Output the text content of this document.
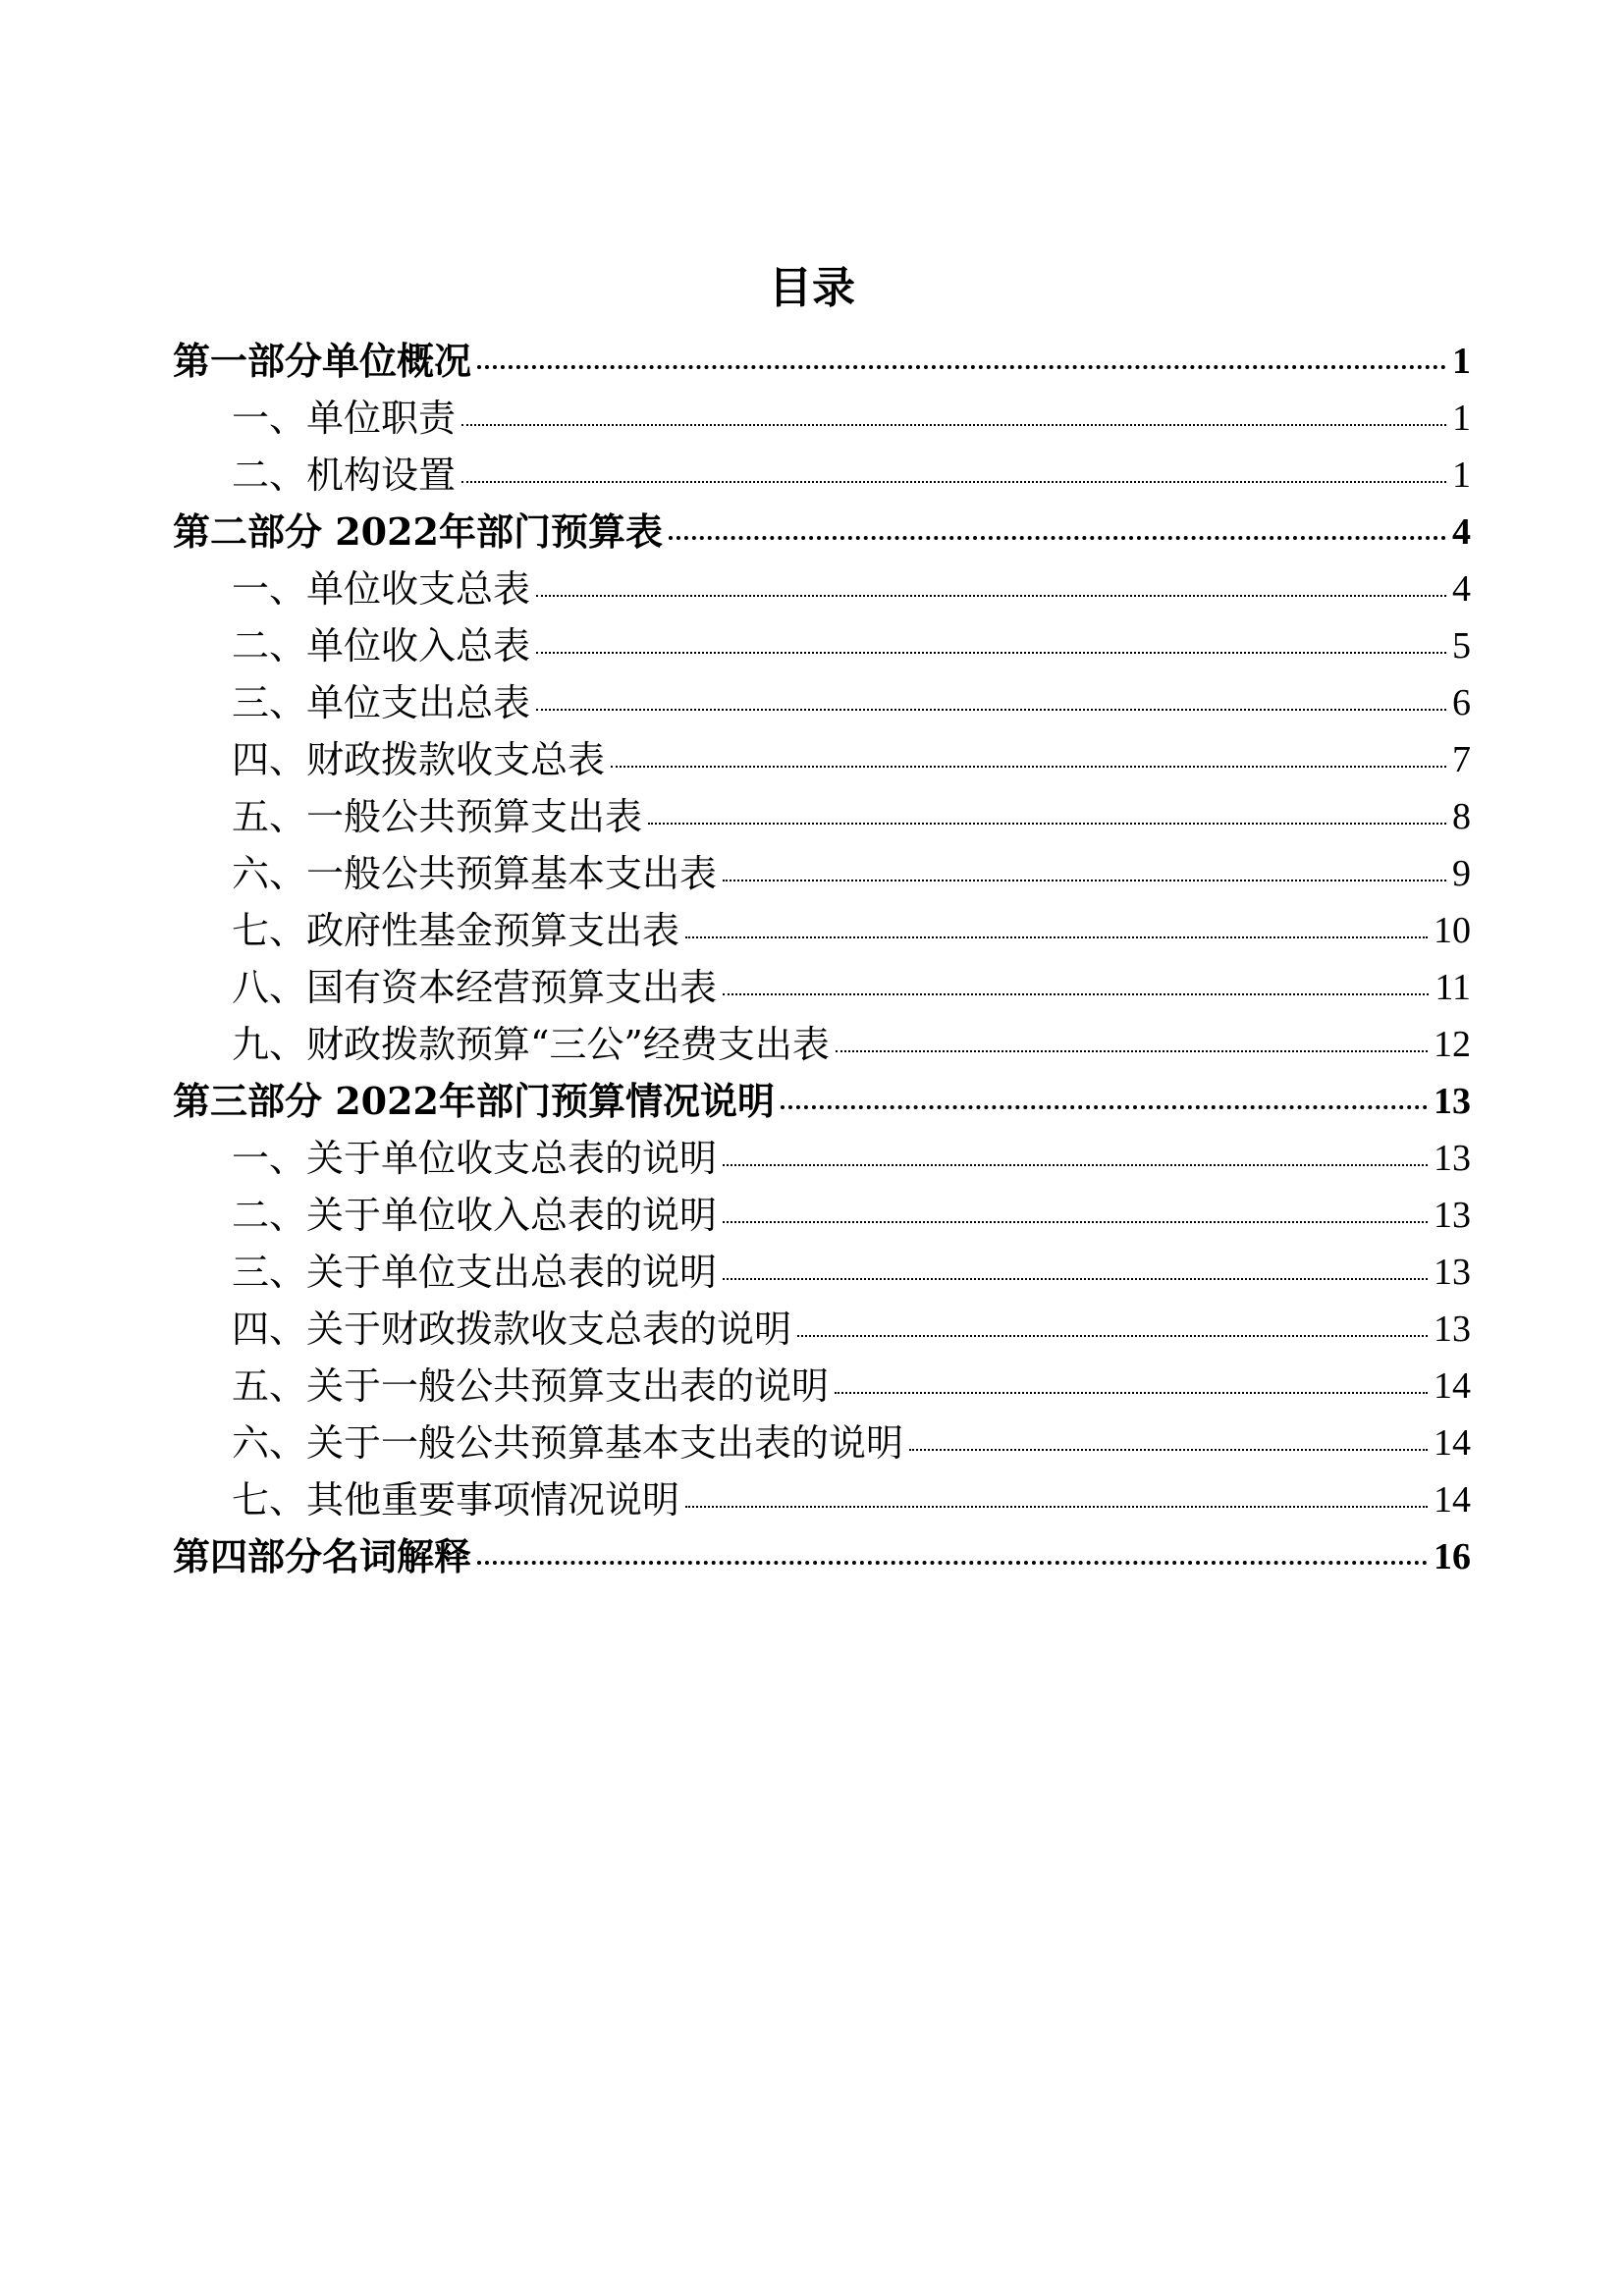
目录
第一部分单位概况	1
一、单位职责	1
二、机构设置	1
第二部分 2022年部门预算表	4
一、单位收支总表	4
二、单位收入总表	5
三、单位支出总表	6
四、财政拨款收支总表	7
五、一般公共预算支出表	8
六、一般公共预算基本支出表	9
七、政府性基金预算支出表	10
八、国有资本经营预算支出表	11
九、财政拨款预算“三公”经费支出表	12
第三部分 2022年部门预算情况说明	13
一、关于单位收支总表的说明	13
二、关于单位收入总表的说明	13
三、关于单位支出总表的说明	13
四、关于财政拨款收支总表的说明	13
五、关于一般公共预算支出表的说明	14
六、关于一般公共预算基本支出表的说明	14
七、其他重要事项情况说明	14
第四部分名词解释	16
